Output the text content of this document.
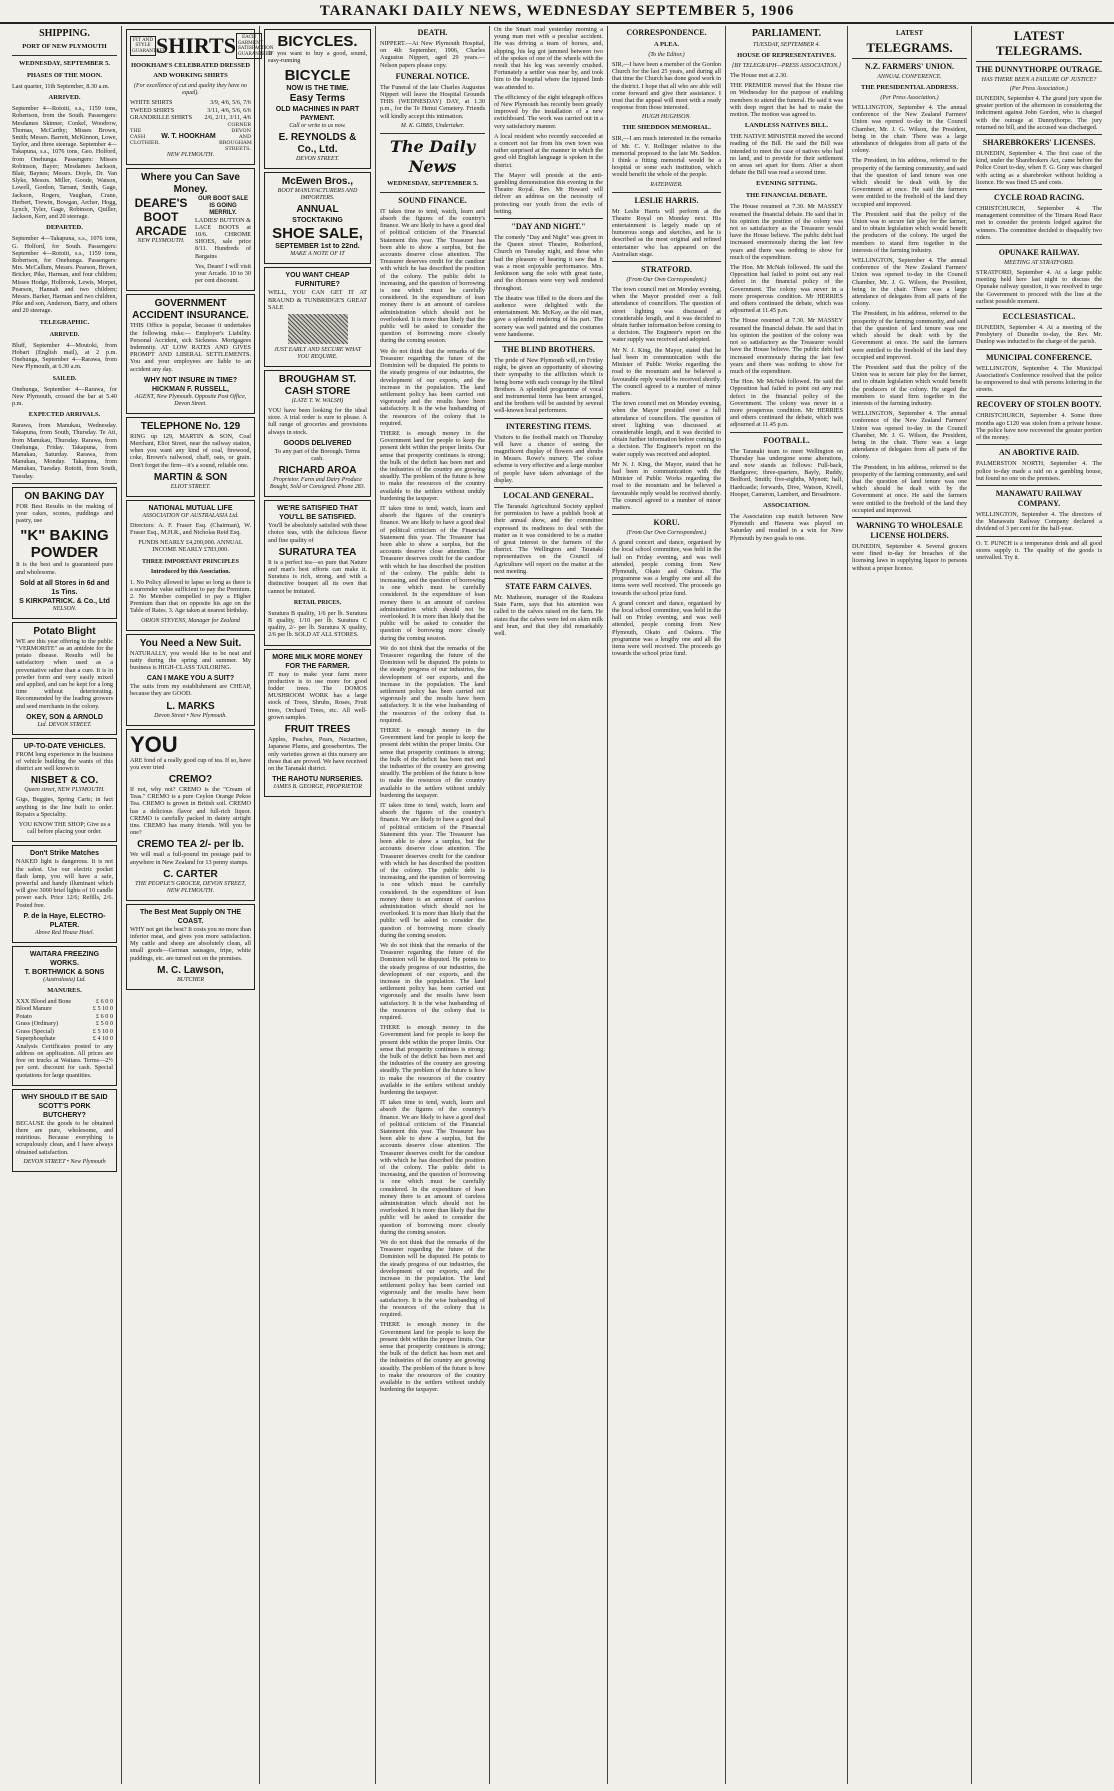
TARANAKI DAILY NEWS, WEDNESDAY SEPTEMBER 5, 1906
SHIPPING.
PORT OF NEW PLYMOUTH
WEDNESDAY, SEPTEMBER 5.
PHASES OF THE MOON.

Last quarter, 11th September, 8.30 a.m.

ARRIVED.

September 4—Rotoiti, s.s., 1159 tons, Robertson, from the South. Passengers: Mesdames Skinner, Conkel, Woodrow, Thomas, McCarthy; Misses Brown, Smith; Messrs. Barrett, McKinnon, Lowe, Taylor, and three steerage. September 4—Takapuna, s.s., 1076 tons, Geo. Holford, from Onehunga. Passengers: Misses Robinson, Bayer; Mesdames Jackson, Blair, Baynes; Messrs. Doyle, Dr. Van Slyke, Messrs. Miller, Goode, Watson, Lowell, Gordon, Tarrant, Smith, Gage, Jackson, Rogers, Vaughan, Crane, Herbert, Trewin, Bowgan, Archer, Hogg, Lynch, Tyler, Gage, Robinson, Quiller, Jackson, Kerr, and 20 steerage.

DEPARTED.

September 4—Takapuna, s.s., 1076 tons, G. Holford, for South. Passengers: September 4—Rotoiti, s.s., 1159 tons, Robertson, for Onehunga. Passengers: Mrs. McCallum, Messrs. Pearson, Brown, Bricker, Pike, Harman, and four children; Misses Hodge, Holbrook, Lewis, Morpet, Pearson, Hannah and two children; Messrs. Barker, Harman and two children, Pike and son, Anderson, Barry, and others and 20 steerage.

TELEGRAPHIC.
ARRIVED.

Bluff, September 4—Moutoki, from Hobart (English mail), at 2 p.m. Onehunga, September 4—Rarawa, from New Plymouth, at 6.30 a.m.

SAILED.

Onehunga, September 4—Rarawa, for New Plymouth, crossed the bar at 5.40 p.m.

EXPECTED ARRIVALS.

Rarawa, from Manukau, Wednesday. Takapuna, from South, Thursday. Te Ati, from Manukau, Thursday. Rarawa, from Onehunga, Friday. Takapuna, from Manukau, Saturday. Rarawa, from Manukau, Monday. Takapuna, from Manukau, Tuesday. Rotoiti, from South, Tuesday.

ON BAKING DAY

FOR Best Results in the making of your cakes, scones, puddings and pastry, use

"K" BAKING POWDER

It is the best and is guaranteed pure and wholesome.

Sold at all Stores in 6d and 1s Tins.
S KIRKPATRICK. & Co., Ltd
NELSON.
Potato Blight

WE are this year offering to the public "VERMORITE" as an antidote for the potato disease. Results will be satisfactory when used as a preventative rather than a cure. It is in powder form and very easily mixed and applied, and can be kept for a long time without deteriorating. Recommended by the leading growers and seed merchants in the colony.

OKEY, SON & ARNOLD
Ltd. DEVON STREET.
UP-TO-DATE VEHICLES.

FROM long experience in the business of vehicle building the wants of this district are well known to

NISBET & CO.
Queen street, NEW PLYMOUTH.

Gigs, Buggies, Spring Carts; in fact anything in the line built to order. Repairs a Speciality.

YOU KNOW THE SHOP; Give us a call before placing your order.

Don't Strike Matches

NAKED light is dangerous. It is not the safest. Use our electric pocket flash lamp, you will have a safe, powerful and handy illuminant which will give 3000 brief lights of 10 candle power each. Price 12/6; Refills, 2/6. Posted free.

P. de la Haye, ELECTRO-PLATER.
Above Red House Hotel.
WAITARA FREEZING WORKS.
T. BORTHWICK & SONS
(Australasia) Ltd.
MANURES.
XXX Blood and Bone	£ 6 0 0
Blood Manure	£ 5 10 0
Potato	£ 6 0 0
Grass (Ordinary)	£ 5 0 0
Grass (Special)	£ 5 10 0
Superphosphate	£ 4 10 0

Analysis Certificates posted to any address on application. All prices are free on trucks at Waitara. Terms—2½ per cent. discount for cash. Special quotations for large quantities.

WHY SHOULD IT BE SAID
SCOTT'S PORK BUTCHERY?

BECAUSE the goods to be obtained there are pure, wholesome, and nutritious. Because everything is scrupulously clean, and I have always obtained satisfaction.

DEVON STREET • New Plymouth
FIT AND STYLE GUARANTEED
SHIRTS	EACH GARMENT SATISFACTION GUARANTEED
HOOKHAM'S CELEBRATED DRESSED AND WORKING SHIRTS
(For excellence of cut and quality they have no equal).
WHITE SHIRTS	3/9, 4/6, 5/6, 7/6
TWEED SHIRTS	3/11, 4/6, 5/6, 6/6
GRANDRILLE SHIRTS 2/6, 2/11, 3/11, 4/6
THE CASH CLOTHIER.
W. T. HOOKHAM
CORNER DEVON AND BROUGHAM STREETS.
NEW PLYMOUTH.
Where you Can Save Money.
DEARE'S BOOT ARCADE
NEW PLYMOUTH.
OUR BOOT SALE IS GOING MERRILY.

LADIES' BUTTON & LACE BOOTS at 10/6. CHROME SHOES, sale price 8/11. Hundreds of Bargains

Yes, Deare! I will visit your Arcade. 10 to 30 per cent discount.

GOVERNMENT ACCIDENT INSURANCE.

THIS Office is popular, because it undertakes the following risks:— Employer's Liability. Personal Accident, sick Sickness. Mortgagees Indemnity. AT LOW RATES AND GIVES PROMPT AND LIBERAL SETTLEMENTS. You and your employees are liable to an accident any day.

WHY NOT INSURE IN TIME?
HICKMAN F. RUSSELL,
AGENT, New Plymouth. Opposite Post Office, Devon Street.
TELEPHONE No. 129

RING up 129, MARTIN & SON, Coal Merchant, Eliot Street, near the railway station, when you want any kind of coal, firewood, coke, Brown's railwood, chaff, oats, or grain. Don't forget the firm—it's a sound, reliable one.

MARTIN & SON
ELIOT STREET.
NATIONAL MUTUAL LIFE
ASSOCIATION OF AUSTRALASIA Ltd.

Directors: A. F. Fraser Esq. (Chairman), W. Fraser Esq., M.H.R., and Nicholas Reid Esq.

FUNDS NEARLY £4,200,000. ANNUAL INCOME NEARLY £783,000.

THREE IMPORTANT PRINCIPLES Introduced by this Association.

1. No Policy allowed to lapse so long as there is a surrender value sufficient to pay the Premium. 2. No Member compelled to pay a Higher Premium than that on opposite his age on the Table of Rates. 3. Age taken at nearest birthday.

ORION STEVENS, Manager for Zealand
You Need a New Suit.

NATURALLY, you would like to be neat and natty during the spring and summer. My business is HIGH-CLASS TAILORING.

CAN I MAKE YOU A SUIT?

The suits from my establishment are CHEAP, because they are GOOD.

L. MARKS
Devon Street • New Plymouth.
YOU

ARE fond of a really good cup of tea. If so, have you ever tried

CREMO?

If not, why not? CREMO is the "Cream of Teas." CREMO is a pure Ceylon Orange Pekoe Tea. CREMO is grown in British soil. CREMO has a delicious flavor and full-rich liquor. CREMO is carefully packed in dainty airtight tins. CREMO has many friends. Will you be one?

CREMO TEA 2/- per lb.

We will mail a full-pound tin postage paid to anywhere in New Zealand for 13 penny stamps.

C. CARTER
THE PEOPLE'S GROCER, DEVON STREET, NEW PLYMOUTH.
The Best Meat Supply ON THE COAST.

WHY not get the best? It costs you no more than inferior meat, and gives you more satisfaction. My cattle and sheep are absolutely clean, all small goods—German sausages, tripe, white puddings, etc. are turned out on the premises.

M. C. Lawson,
BUTCHER
BICYCLES.

IF you want to buy a good, sound, easy-running

BICYCLE
NOW IS THE TIME.
Easy Terms
OLD MACHINES IN PART PAYMENT.
Call or write to us now.
E. REYNOLDS & Co., Ltd.
DEVON STREET.
McEwen Bros.,
BOOT MANUFACTURERS AND IMPORTERS.
ANNUAL
STOCKTAKING
SHOE SALE,
SEPTEMBER 1st to 22nd.
MAKE A NOTE OF IT
YOU WANT CHEAP FURNITURE?

WELL, YOU CAN GET IT AT BRAUND & TUNBRIDGE'S GREAT SALE

JUST EARLY AND SECURE WHAT YOU REQUIRE.
BROUGHAM ST. CASH STORE
(LATE T. W. WALSH)

YOU have been looking for the ideal store. A trial order is sure to please. A full range of groceries and provisions always in stock.

GOODS DELIVERED

To any part of the Borough. Terms cash.

RICHARD AROA
Proprietor. Farm and Dairy Produce Bought, Sold or Consigned. Phone 283.
WE'RE SATISFIED THAT YOU'LL BE SATISFIED.

You'll be absolutely satisfied with these choice teas, with the delicious flavor and fine quality of

SURATURA TEA

It is a perfect tea—so pure that Nature and man's best efforts can make it. Suratura is rich, strong, and with a distinctive bouquet all its own that cannot be imitated.

RETAIL PRICES.

Suratura B quality, 1/6 per lb. Suratura B quality, 1/10 per lb. Suratura C quality, 2/- per lb. Suratura X quality, 2/6 per lb. SOLD AT ALL STORES.

MORE MILK MORE MONEY FOR THE FARMER.

IT may to make your farm more productive is to use more for good fodder trees. The DOMOS MUSHROOM WORK has a large stock of Trees, Shrubs, Roses, Fruit trees, Orchard Trees, etc. All well-grown samples.

FRUIT TREES

Apples, Peaches, Pears, Nectarines, Japanese Plums, and gooseberries. The only varieties grown at this nursery are those that are proved. We have received on the Taranaki district.

THE RAHOTU NURSERIES.
JAMES B. GEORGE, PROPRIETOR
DEATH.

NIPPERT.—At New Plymouth Hospital, on 4th September, 1906, Charles Augustus Nippert, aged 29 years.—Nelson papers please copy.

FUNERAL NOTICE.

The Funeral of the late Charles Augustus Nippert will leave the Hospital Grounds THIS (WEDNESDAY) DAY, at 1.30 p.m., for the Te Henui Cemetery. Friends will kindly accept this intimation.

M. K. GIBBS, Undertaker.
The Daily News
WEDNESDAY, SEPTEMBER 5.
SOUND FINANCE.

IT takes time to tend, watch, learn and absorb the figures of the country's finance. We are likely to have a good deal of political criticism of the Financial Statement this year. The Treasurer has been able to show a surplus, but the accounts deserve close attention. The Treasurer deserves credit for the candour with which he has described the position of the colony. The public debt is increasing, and the question of borrowing is one which must be carefully considered. In the expenditure of loan money there is an amount of careless administration which should not be overlooked. It is more than likely that the public will be asked to consider the question of borrowing more closely during the coming session.

We do not think that the remarks of the Treasurer regarding the future of the Dominion will be disputed. He points to the steady progress of our industries, the development of our exports, and the increase in the population. The land settlement policy has been carried out vigorously and the results have been satisfactory. It is the wise husbanding of the resources of the colony that is required.

THERE is enough money in the Government land for people to keep the present debt within the proper limits. Our sense that prosperity continues is strong; the bulk of the deficit has been met and the industries of the country are growing steadily. The problem of the future is how to make the resources of the country available to the settlers without unduly burdening the taxpayer.

IT takes time to tend, watch, learn and absorb the figures of the country's finance. We are likely to have a good deal of political criticism of the Financial Statement this year. The Treasurer has been able to show a surplus, but the accounts deserve close attention. The Treasurer deserves credit for the candour with which he has described the position of the colony. The public debt is increasing, and the question of borrowing is one which must be carefully considered. In the expenditure of loan money there is an amount of careless administration which should not be overlooked. It is more than likely that the public will be asked to consider the question of borrowing more closely during the coming session.

We do not think that the remarks of the Treasurer regarding the future of the Dominion will be disputed. He points to the steady progress of our industries, the development of our exports, and the increase in the population. The land settlement policy has been carried out vigorously and the results have been satisfactory. It is the wise husbanding of the resources of the colony that is required.

THERE is enough money in the Government land for people to keep the present debt within the proper limits. Our sense that prosperity continues is strong; the bulk of the deficit has been met and the industries of the country are growing steadily. The problem of the future is how to make the resources of the country available to the settlers without unduly burdening the taxpayer.

IT takes time to tend, watch, learn and absorb the figures of the country's finance. We are likely to have a good deal of political criticism of the Financial Statement this year. The Treasurer has been able to show a surplus, but the accounts deserve close attention. The Treasurer deserves credit for the candour with which he has described the position of the colony. The public debt is increasing, and the question of borrowing is one which must be carefully considered. In the expenditure of loan money there is an amount of careless administration which should not be overlooked. It is more than likely that the public will be asked to consider the question of borrowing more closely during the coming session.

We do not think that the remarks of the Treasurer regarding the future of the Dominion will be disputed. He points to the steady progress of our industries, the development of our exports, and the increase in the population. The land settlement policy has been carried out vigorously and the results have been satisfactory. It is the wise husbanding of the resources of the colony that is required.

THERE is enough money in the Government land for people to keep the present debt within the proper limits. Our sense that prosperity continues is strong; the bulk of the deficit has been met and the industries of the country are growing steadily. The problem of the future is how to make the resources of the country available to the settlers without unduly burdening the taxpayer.

IT takes time to tend, watch, learn and absorb the figures of the country's finance. We are likely to have a good deal of political criticism of the Financial Statement this year. The Treasurer has been able to show a surplus, but the accounts deserve close attention. The Treasurer deserves credit for the candour with which he has described the position of the colony. The public debt is increasing, and the question of borrowing is one which must be carefully considered. In the expenditure of loan money there is an amount of careless administration which should not be overlooked. It is more than likely that the public will be asked to consider the question of borrowing more closely during the coming session.

We do not think that the remarks of the Treasurer regarding the future of the Dominion will be disputed. He points to the steady progress of our industries, the development of our exports, and the increase in the population. The land settlement policy has been carried out vigorously and the results have been satisfactory. It is the wise husbanding of the resources of the colony that is required.

THERE is enough money in the Government land for people to keep the present debt within the proper limits. Our sense that prosperity continues is strong; the bulk of the deficit has been met and the industries of the country are growing steadily. The problem of the future is how to make the resources of the country available to the settlers without unduly burdening the taxpayer.

On the Smart road yesterday morning a young man met with a peculiar accident. He was driving a team of horses, and, slipping, his leg got jammed between two of the spokes of one of the wheels with the result that his leg was severely crushed. Fortunately a settler was near by, and took him to the hospital where the injured limb was attended to.

The efficiency of the eight telegraph offices of New Plymouth has recently been greatly improved by the installation of a new switchboard. The work was carried out in a very satisfactory manner.

A local resident who recently succeeded at a concert not far from his own town was rather surprised at the manner in which the good old English language is spoken in the district.

The Mayor will preside at the anti-gambling demonstration this evening in the Theatre Royal. Rev. Mr Howard will deliver an address on the necessity of protecting our youth from the evils of betting.

"DAY AND NIGHT."

The comedy "Day and Night" was given in the Queen street Theatre, Rotherford, Church on Tuesday night, and those who had the pleasure of hearing it saw that it was a most enjoyable performance. Mrs. Jenkinson sang the solo with great taste, and the choruses were very well rendered throughout.

The theatre was filled to the doors and the audience were delighted with the entertainment. Mr. McKay, as the old man, gave a splendid rendering of his part. The scenery was well painted and the costumes were handsome.

THE BLIND BROTHERS.

The pride of New Plymouth will, on Friday night, be given an opportunity of showing their sympathy to the affliction which is being borne with such courage by the Blind Brothers. A splendid programme of vocal and instrumental items has been arranged, and the brothers will be assisted by several well-known local performers.

INTERESTING ITEMS.

Visitors to the football match on Thursday will have a chance of seeing the magnificent display of flowers and shrubs in Messrs. Rowe's nursery. The colour scheme is very effective and a large number of people have taken advantage of the display.

LOCAL AND GENERAL.

The Taranaki Agricultural Society applied for permission to have a publish book at their annual show, and the committee expressed its readiness to deal with the matter as it was considered to be a matter of great interest to the farmers of the district. The Wellington and Taranaki representatives on the Council of Agriculture will report on the matter at the next meeting.

STATE FARM CALVES.

Mr. Matheson, manager of the Ruakura State Farm, says that his attention was called to the calves raised on the farm. He states that the calves were fed on skim milk and bran, and that they did remarkably well.

CORRESPONDENCE.
A PLEA.
(To the Editor.)

SIR,—I have been a member of the Gordon Church for the last 25 years, and during all that time the Church has done good work in the district. I hope that all who are able will come forward and give their assistance. I trust that the appeal will meet with a ready response from those interested.

HUGH HUGHSON.
THE SHEDDON MEMORIAL.

SIR,—I am much interested in the remarks of Mr. C. Y. Rollinger relative to the memorial proposed to the late Mr. Seddon. I think a fitting memorial would be a hospital or some such institution, which would benefit the whole of the people.

RATEPAYER.
LESLIE HARRIS.

Mr Leslie Harris will perform at the Theatre Royal on Monday next. His entertainment is largely made up of humorous songs and sketches, and he is described as the most original and refined entertainer who has appeared on the Australian stage.

STRATFORD.
(From Our Own Correspondent.)

The town council met on Monday evening, when the Mayor presided over a full attendance of councillors. The question of street lighting was discussed at considerable length, and it was decided to obtain further information before coming to a decision. The Engineer's report on the water supply was received and adopted.

Mr N. J. King, the Mayor, stated that he had been in communication with the Minister of Public Works regarding the road to the mountain and he believed a favourable reply would be received shortly. The council agreed to a number of minor matters.

The town council met on Monday evening, when the Mayor presided over a full attendance of councillors. The question of street lighting was discussed at considerable length, and it was decided to obtain further information before coming to a decision. The Engineer's report on the water supply was received and adopted.

Mr N. J. King, the Mayor, stated that he had been in communication with the Minister of Public Works regarding the road to the mountain and he believed a favourable reply would be received shortly. The council agreed to a number of minor matters.

KORU.
(From Our Own Correspondent.)

A grand concert and dance, organised by the local school committee, was held in the hall on Friday evening, and was well attended, people coming from New Plymouth, Okato and Oakura. The programme was a lengthy one and all the items were well received. The proceeds go towards the school prize fund.

A grand concert and dance, organised by the local school committee, was held in the hall on Friday evening, and was well attended, people coming from New Plymouth, Okato and Oakura. The programme was a lengthy one and all the items were well received. The proceeds go towards the school prize fund.

PARLIAMENT.
TUESDAY, SEPTEMBER 4.
HOUSE OF REPRESENTATIVES.
[BY TELEGRAPH—PRESS ASSOCIATION.]

The House met at 2.30.

THE PREMIER moved that the House rise on Wednesday for the purpose of enabling members to attend the funeral. He said it was with deep regret that he had to make the motion. The motion was agreed to.

LANDLESS NATIVES BILL.

THE NATIVE MINISTER moved the second reading of the Bill. He said the Bill was intended to meet the case of natives who had no land, and to provide for their settlement on areas set apart for them. After a short debate the Bill was read a second time.

EVENING SITTING.
THE FINANCIAL DEBATE.

The House resumed at 7.30. Mr MASSEY resumed the financial debate. He said that in his opinion the position of the colony was not so satisfactory as the Treasurer would have the House believe. The public debt had increased enormously during the last few years and there was nothing to show for much of the expenditure.

The Hon. Mr McNab followed. He said the Opposition had failed to point out any real defect in the financial policy of the Government. The colony was never in a more prosperous condition. Mr HERRIES and others continued the debate, which was adjourned at 11.45 p.m.

The House resumed at 7.30. Mr MASSEY resumed the financial debate. He said that in his opinion the position of the colony was not so satisfactory as the Treasurer would have the House believe. The public debt had increased enormously during the last few years and there was nothing to show for much of the expenditure.

The Hon. Mr McNab followed. He said the Opposition had failed to point out any real defect in the financial policy of the Government. The colony was never in a more prosperous condition. Mr HERRIES and others continued the debate, which was adjourned at 11.45 p.m.

FOOTBALL.

The Taranaki team to meet Wellington on Thursday has undergone some alterations, and now stands as follows: Full-back, Hardgrave; three-quarters, Bayly, Ruddy, Bedford, Smith; five-eighths, Mynott; half, Hardcastle; forwards, Dive, Watson, Kivell, Hooper, Cameron, Lambert, and Broadmore.

ASSOCIATION.

The Association cup match between New Plymouth and Hawera was played on Saturday and resulted in a win for New Plymouth by two goals to one.

LATEST
TELEGRAMS.
N.Z. FARMERS' UNION.
ANNUAL CONFERENCE.
THE PRESIDENTIAL ADDRESS.
(Per Press Association.)

WELLINGTON, September 4. The annual conference of the New Zealand Farmers' Union was opened to-day in the Council Chamber, Mr. J. G. Wilson, the President, being in the chair. There was a large attendance of delegates from all parts of the colony.

The President, in his address, referred to the prosperity of the farming community, and said that the question of land tenure was one which should be dealt with by the Government at once. He said the farmers were entitled to the freehold of the land they occupied and improved.

The President said that the policy of the Union was to secure fair play for the farmer, and to obtain legislation which would benefit the producers of the colony. He urged the members to stand firm together in the interests of the farming industry.

WELLINGTON, September 4. The annual conference of the New Zealand Farmers' Union was opened to-day in the Council Chamber, Mr. J. G. Wilson, the President, being in the chair. There was a large attendance of delegates from all parts of the colony.

The President, in his address, referred to the prosperity of the farming community, and said that the question of land tenure was one which should be dealt with by the Government at once. He said the farmers were entitled to the freehold of the land they occupied and improved.

The President said that the policy of the Union was to secure fair play for the farmer, and to obtain legislation which would benefit the producers of the colony. He urged the members to stand firm together in the interests of the farming industry.

WELLINGTON, September 4. The annual conference of the New Zealand Farmers' Union was opened to-day in the Council Chamber, Mr. J. G. Wilson, the President, being in the chair. There was a large attendance of delegates from all parts of the colony.

The President, in his address, referred to the prosperity of the farming community, and said that the question of land tenure was one which should be dealt with by the Government at once. He said the farmers were entitled to the freehold of the land they occupied and improved.

WARNING TO WHOLESALE LICENSE HOLDERS.

DUNEDIN, September 4. Several grocers were fined to-day for breaches of the licensing laws in supplying liquor to persons without a proper licence.

LATEST TELEGRAMS.
THE DUNNYTHORPE OUTRAGE.
HAS THERE BEEN A FAILURE OF JUSTICE?
(Per Press Association.)

DUNEDIN, September 4. The grand jury upon the greater portion of the afternoon in considering the indictment against John Gordon, who is charged with the outrage at Dunnythorpe. The jury returned no bill, and the accused was discharged.

SHAREBROKERS' LICENSES.

DUNEDIN, September 4. The first case of the kind, under the Sharebrokers Act, came before the Police Court to-day, when F. G. Gray was charged with acting as a sharebroker without holding a licence. He was fined £5 and costs.

CYCLE ROAD RACING.

CHRISTCHURCH, September 4. The management committee of the Timaru Road Race met to consider the protests lodged against the winners. The committee decided to disqualify two riders.

OPUNAKE RAILWAY.
MEETING AT STRATFORD.

STRATFORD, September 4. At a large public meeting held here last night to discuss the Opunake railway question, it was resolved to urge the Government to proceed with the line at the earliest possible moment.

ECCLESIASTICAL.

DUNEDIN, September 4. At a meeting of the Presbytery of Dunedin to-day, the Rev. Mr. Dunlop was inducted to the charge of the parish.

MUNICIPAL CONFERENCE.

WELLINGTON, September 4. The Municipal Association's Conference resolved that the police be empowered to deal with persons loitering in the streets.

RECOVERY OF STOLEN BOOTY.

CHRISTCHURCH, September 4. Some three months ago £120 was stolen from a private house. The police have now recovered the greater portion of the money.

AN ABORTIVE RAID.

PALMERSTON NORTH, September 4. The police to-day made a raid on a gambling house, but found no one on the premises.

MANAWATU RAILWAY COMPANY.

WELLINGTON, September 4. The directors of the Manawatu Railway Company declared a dividend of 3 per cent for the half-year.

O. T. PUNCH is a temperance drink and all good stores supply it. The quality of the goods is unrivalled. Try it.
